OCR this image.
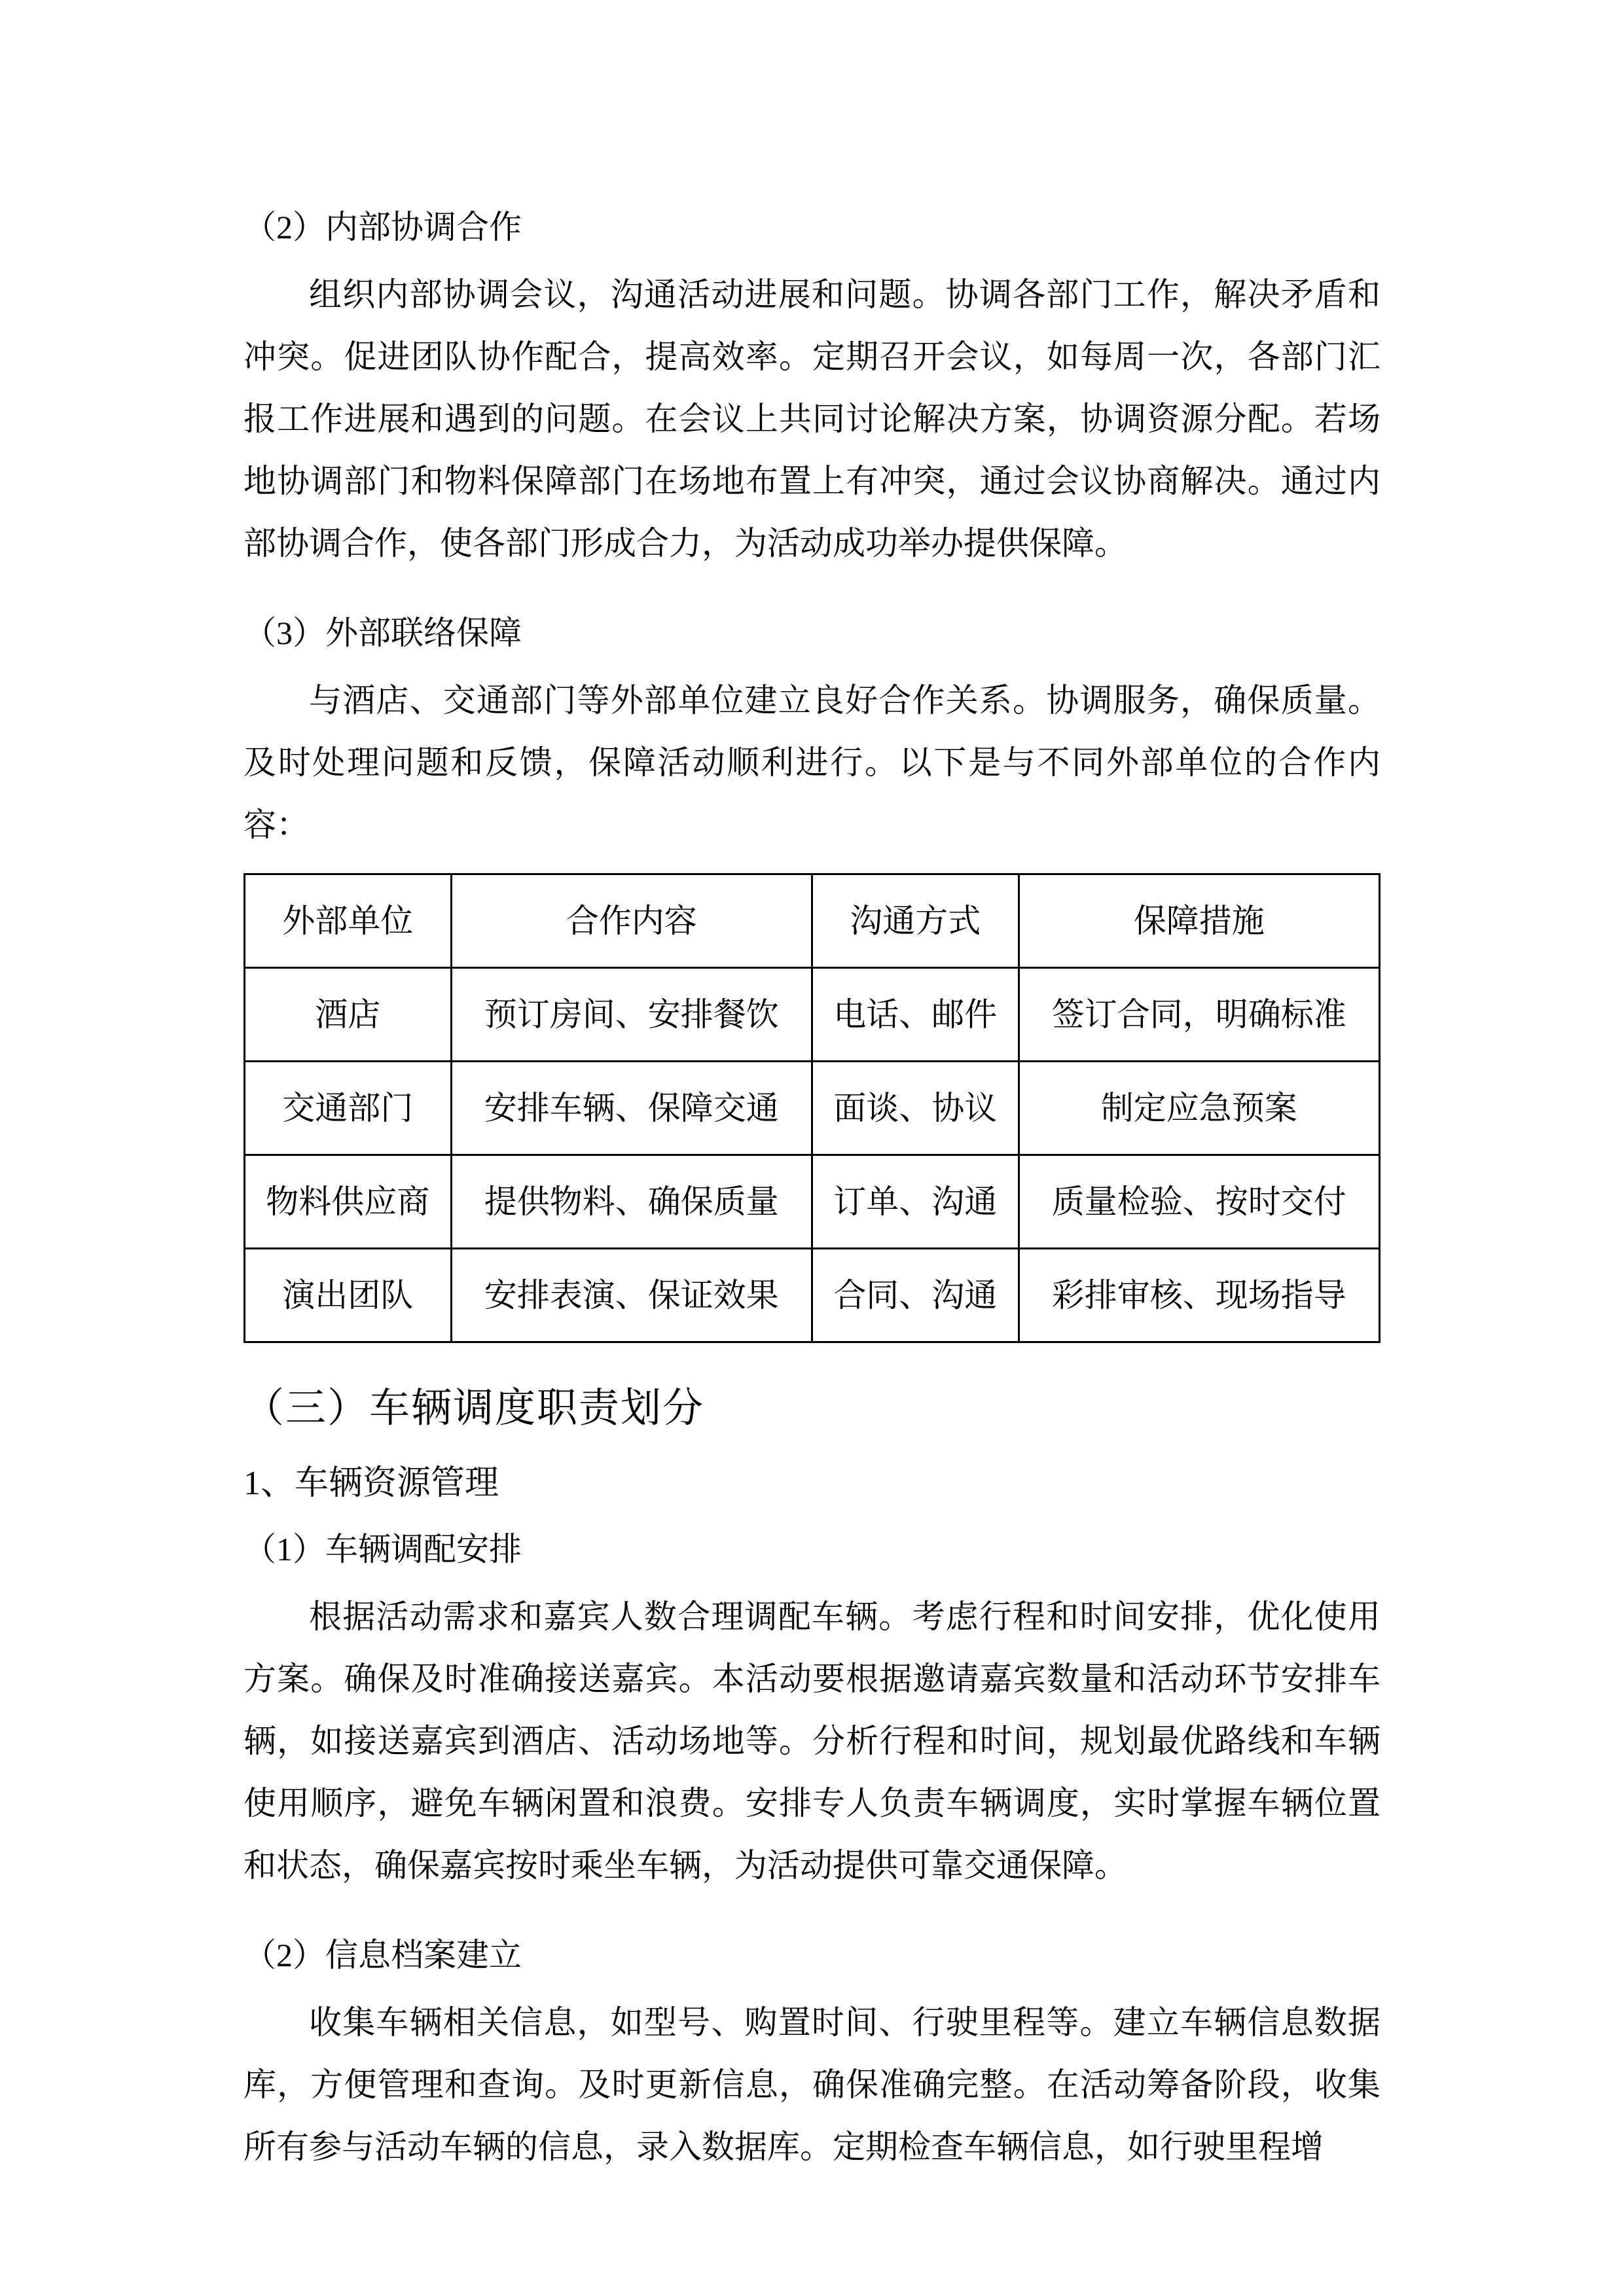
（2）内部协调合作

组织内部协调会议，沟通活动进展和问题。协调各部门工作，解决矛盾和冲突。促进团队协作配合，提高效率。定期召开会议，如每周一次，各部门汇报工作进展和遇到的问题。在会议上共同讨论解决方案，协调资源分配。若场地协调部门和物料保障部门在场地布置上有冲突，通过会议协商解决。通过内部协调合作，使各部门形成合力，为活动成功举办提供保障。

（3）外部联络保障

与酒店、交通部门等外部单位建立良好合作关系。协调服务，确保质量。及时处理问题和反馈，保障活动顺利进行。以下是与不同外部单位的合作内容：

外部单位	合作内容	沟通方式	保障措施
酒店	预订房间、安排餐饮	电话、邮件	签订合同，明确标准
交通部门	安排车辆、保障交通	面谈、协议	制定应急预案
物料供应商	提供物料、确保质量	订单、沟通	质量检验、按时交付
演出团队	安排表演、保证效果	合同、沟通	彩排审核、现场指导
（三）车辆调度职责划分
1、车辆资源管理
（1）车辆调配安排

根据活动需求和嘉宾人数合理调配车辆。考虑行程和时间安排，优化使用方案。确保及时准确接送嘉宾。本活动要根据邀请嘉宾数量和活动环节安排车辆，如接送嘉宾到酒店、活动场地等。分析行程和时间，规划最优路线和车辆使用顺序，避免车辆闲置和浪费。安排专人负责车辆调度，实时掌握车辆位置和状态，确保嘉宾按时乘坐车辆，为活动提供可靠交通保障。

（2）信息档案建立

收集车辆相关信息，如型号、购置时间、行驶里程等。建立车辆信息数据库，方便管理和查询。及时更新信息，确保准确完整。在活动筹备阶段，收集所有参与活动车辆的信息，录入数据库。定期检查车辆信息，如行驶里程增
